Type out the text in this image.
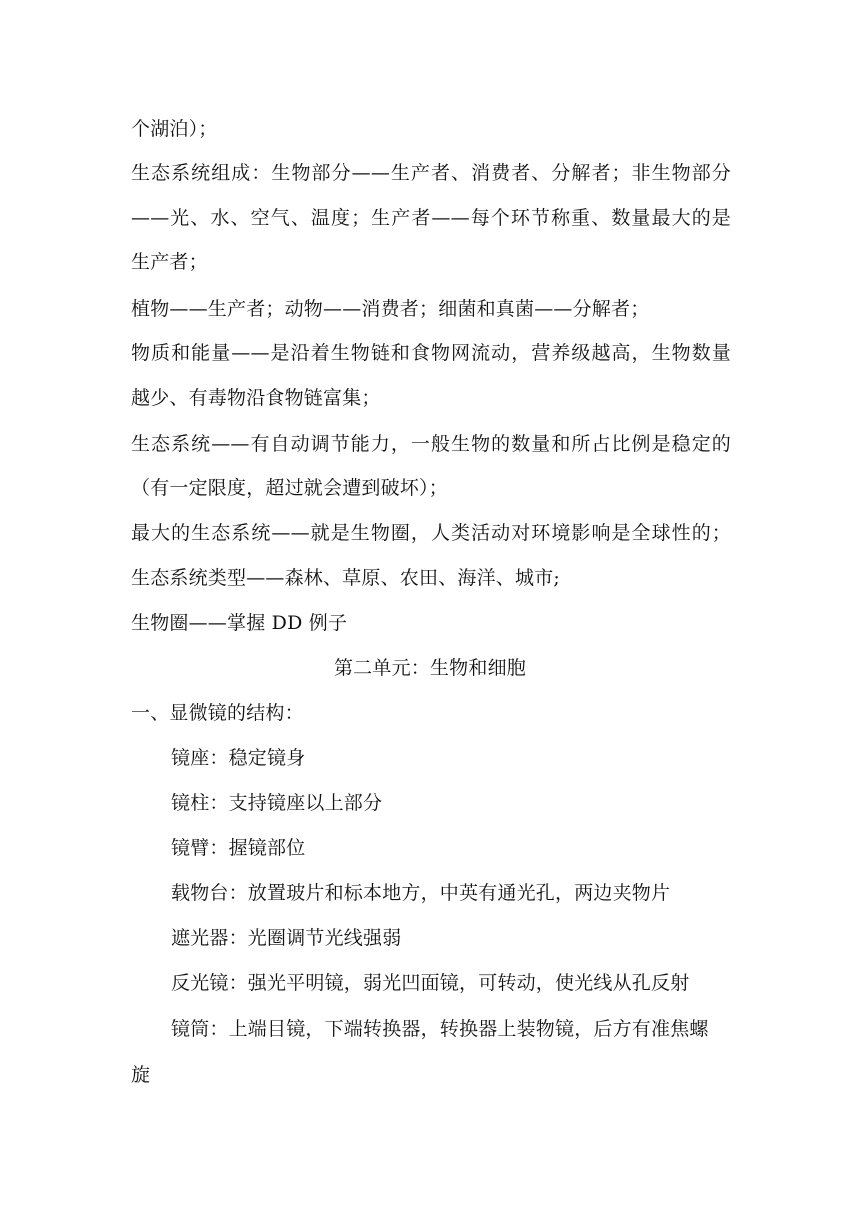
个湖泊）；
生态系统组成：生物部分——生产者、消费者、分解者；非生物部分
——光、水、空气、温度；生产者——每个环节称重、数量最大的是
生产者；
植物——生产者；动物——消费者；细菌和真菌——分解者；
物质和能量——是沿着生物链和食物网流动，营养级越高，生物数量
越少、有毒物沿食物链富集；
生态系统——有自动调节能力，一般生物的数量和所占比例是稳定的
（有一定限度，超过就会遭到破坏）；
最大的生态系统——就是生物圈，人类活动对环境影响是全球性的；
生态系统类型——森林、草原、农田、海洋、城市;
生物圈——掌握 DD 例子
第二单元：生物和细胞
一、显微镜的结构：
镜座：稳定镜身
镜柱：支持镜座以上部分
镜臂：握镜部位
载物台：放置玻片和标本地方，中英有通光孔，两边夹物片
遮光器：光圈调节光线强弱
反光镜：强光平明镜，弱光凹面镜，可转动，使光线从孔反射
镜筒：上端目镜，下端转换器，转换器上装物镜，后方有准焦螺
旋
